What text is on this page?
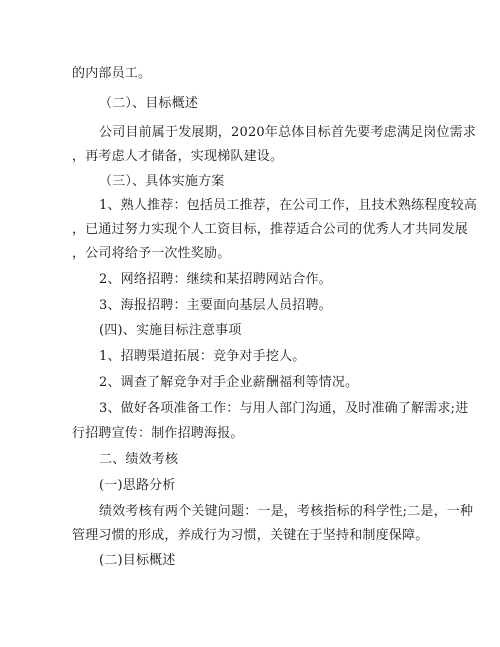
的内部员工。
（二）、目标概述
公司目前属于发展期，2020年总体目标首先要考虑满足岗位需求
，再考虑人才储备，实现梯队建设。
（三）、具体实施方案
1、熟人推荐：包括员工推荐，在公司工作，且技术熟练程度较高
，已通过努力实现个人工资目标，推荐适合公司的优秀人才共同发展
，公司将给予一次性奖励。
2、网络招聘：继续和某招聘网站合作。
3、海报招聘：主要面向基层人员招聘。
(四)、实施目标注意事项
1、招聘渠道拓展：竞争对手挖人。
2、调查了解竞争对手企业薪酬福利等情况。
3、做好各项准备工作：与用人部门沟通，及时准确了解需求;进
行招聘宣传：制作招聘海报。
二、绩效考核
(一)思路分析
绩效考核有两个关键问题：一是，考核指标的科学性;二是，一种
管理习惯的形成，养成行为习惯，关键在于坚持和制度保障。
(二)目标概述
